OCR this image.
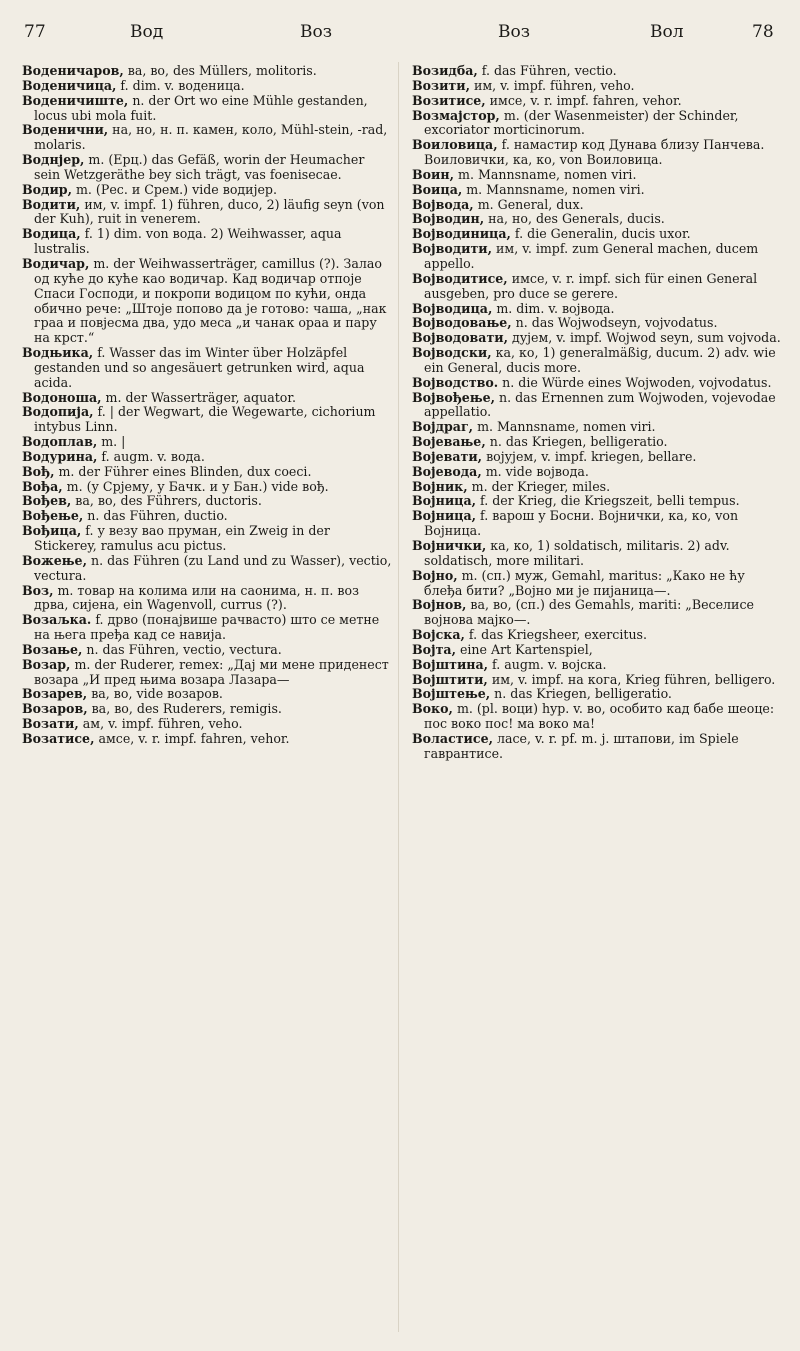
77	Вод	Воз	Воз	Вол	78

Воденичаров, ва, во, des Müllers, molitoris.

Воденичица, f. dim. v. воденица.

Воденичиште, n. der Ort wo eine Mühle gestanden, locus ubi mola fuit.

Воденични, на, но, н. п. камен, коло, Mühl-stein, -rad, molaris.

Воднјер, m. (Ерц.) das Gefäß, worin der Heumacher sein Wetzgeräthe bey sich trägt, vas foenisecae.

Водир, m. (Рес. и Срем.) vide водијер.

Водити, им, v. impf. 1) führen, duco, 2) läufig seyn (von der Kuh), ruit in venerem.

Водица, f. 1) dim. von вода. 2) Weihwasser, aqua lustralis.

Водичар, m. der Weihwasserträger, camillus (?). Залао од куће до куће као водичар. Кад водичар отпоје Спаси Господи, и покропи водицом по кући, онда обично рече: „Штоје попово да је готово: чаша, „нак граа и повјесма два, удо меса „и чанак ораа и пару на крст.“

Водњика, f. Wasser das im Winter über Holzäpfel gestanden und so angesäuert getrunken wird, aqua acida.

Водоноша, m. der Wasserträger, aquator.

Водопија, f. | der Wegwart, die Wegewarte, cichorium intybus Linn.

Водоплав, m. |

Водурина, f. augm. v. вода.

Вођ, m. der Führer eines Blinden, dux coeci.

Вођа, m. (у Срјему, у Бачк. и у Бан.) vide вођ.

Вођев, ва, во, des Führers, ductoris.

Вођење, n. das Führen, ductio.

Вођица, f. у везу вао пруман, ein Zweig in der Stickerey, ramulus acu pictus.

Вожење, n. das Führen (zu Land und zu Wasser), vectio, vectura.

Воз, m. товар на колима или на саонима, н. п. воз дрва, сијена, ein Wagenvoll, currus (?).

Возаљка. f. дрво (понајвише рачвасто) што се метне на њега пређа кад се навија.

Возање, n. das Führen, vectio, vectura.

Возар, m. der Ruderer, remex: „Дај ми мене приденест возара „И пред њима возара Лазара—

Возарев, ва, во, vide возаров.

Возаров, ва, во, des Ruderers, remigis.

Возати, ам, v. impf. führen, veho.

Возатисе, амсе, v. r. impf. fahren, vehor.

Возидба, f. das Führen, vectio.

Возити, им, v. impf. führen, veho.

Возитисе, имсе, v. r. impf. fahren, vehor.

Возмајстор, m. (der Wasenmeister) der Schinder, excoriator morticinorum.

Воиловица, f. намастир код Дунава близу Панчева. Воиловички, ка, ко, von Воиловица.

Воин, m. Mannsname, nomen viri.

Воица, m. Mannsname, nomen viri.

Војвода, m. General, dux.

Војводин, на, но, des Generals, ducis.

Војводиница, f. die Generalin, ducis uxor.

Војводити, им, v. impf. zum General machen, ducem appello.

Војводитисе, имсе, v. r. impf. sich für einen General ausgeben, pro duce se gerere.

Војводица, m. dim. v. војвода.

Војводовање, n. das Wojwodseyn, vojvodatus.

Војводовати, дујем, v. impf. Wojwod seyn, sum vojvoda.

Војводски, ка, ко, 1) generalmäßig, ducum. 2) adv. wie ein General, ducis more.

Војводство. n. die Würde eines Wojwoden, vojvodatus.

Војвођење, n. das Ernennen zum Wojwoden, vojevodae appellatio.

Војдраг, m. Mannsname, nomen viri.

Војевање, n. das Kriegen, belligeratio.

Војевати, војујем, v. impf. kriegen, bellare.

Војевода, m. vide војвода.

Војник, m. der Krieger, miles.

Војница, f. der Krieg, die Kriegszeit, belli tempus.

Војница, f. варош у Босни. Војнички, ка, ко, von Војница.

Војнички, ка, ко, 1) soldatisch, militaris. 2) adv. soldatisch, more militari.

Војно, m. (сп.) муж, Gemahl, maritus: „Како не ћу блеђа бити? „Војно ми је пијаница—.

Војнов, ва, во, (сп.) des Gemahls, mariti: „Веселисе војнова мајко—.

Војска, f. das Kriegsheer, exercitus.

Војта, eine Art Kartenspiel,

Војштина, f. augm. v. војска.

Војштити, им, v. impf. на кога, Krieg führen, belligero.

Војштење, n. das Kriegen, belligeratio.

Воко, m. (pl. воци) hyp. v. во, особито кад бабе шеоце: пос воко пос! ма воко ма!

Воластисе, ласе, v. r. pf. m. j. штапови, im Spiele гаврантисе.
